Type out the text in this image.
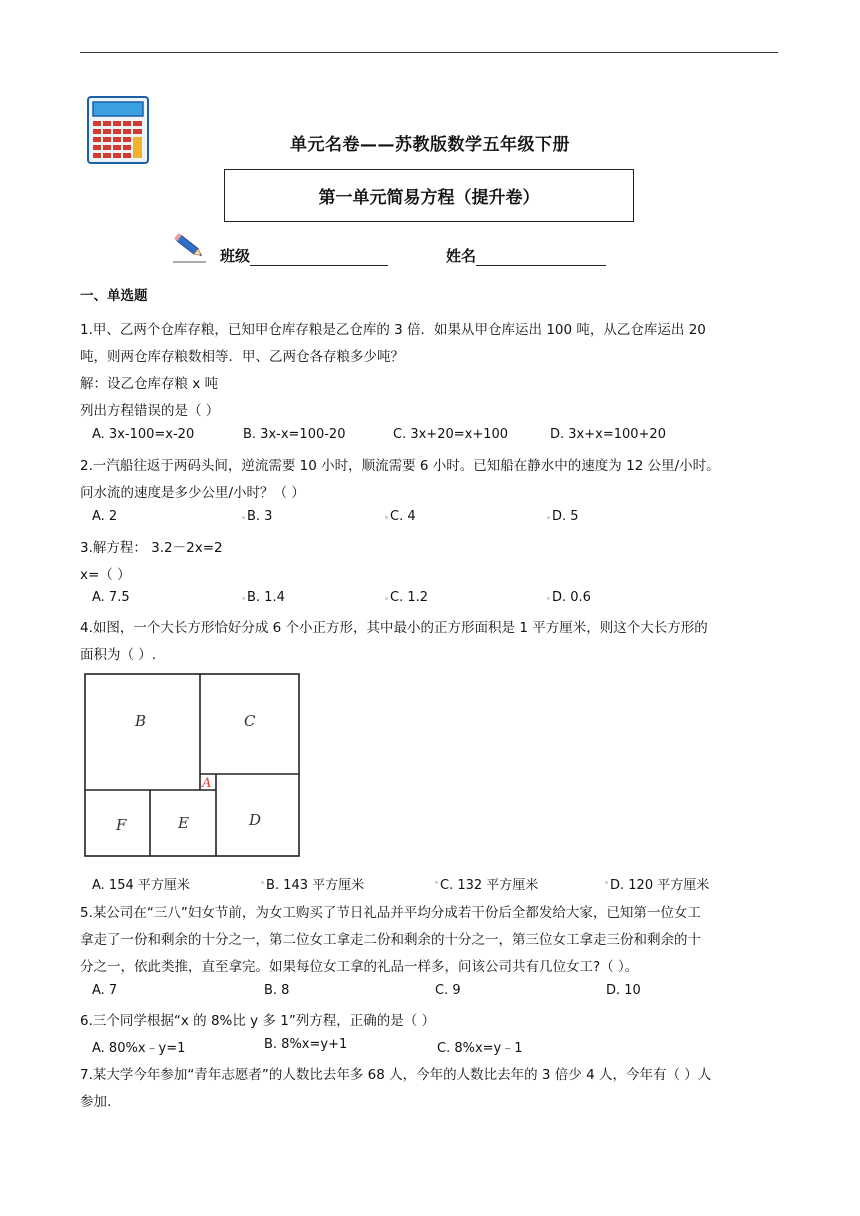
单元名卷——苏教版数学五年级下册
第一单元简易方程（提升卷）
班级	姓名
一、单选题
1.甲、乙两个仓库存粮，已知甲仓库存粮是乙仓库的 3 倍．如果从甲仓库运出 100 吨，从乙仓库运出 20
吨，则两仓库存粮数相等．甲、乙两仓各存粮多少吨？
解：设乙仓库存粮 x 吨
列出方程错误的是（ ）
A. 3x-100=x-20	B. 3x-x=100-20	C. 3x+20=x+100	D. 3x+x=100+20
2.一汽船往返于两码头间，逆流需要 10 小时，顺流需要 6 小时。已知船在静水中的速度为 12 公里/小时。
问水流的速度是多少公里/小时？（ ）
A. 2	B. 3	C. 4	D. 5
3.解方程： 3.2－2x=2
x=（ ）
A. 7.5	B. 1.4	C. 1.2	D. 0.6
4.如图，一个大长方形恰好分成 6 个小正方形，其中最小的正方形面积是 1 平方厘米，则这个大长方形的
面积为（ ）.
B	C
A
D
F	E
A. 154 平方厘米	B. 143 平方厘米	C. 132 平方厘米	D. 120 平方厘米
5.某公司在“三八”妇女节前，为女工购买了节日礼品并平均分成若干份后全都发给大家，已知第一位女工
拿走了一份和剩余的十分之一，第二位女工拿走二份和剩余的十分之一，第三位女工拿走三份和剩余的十
分之一，依此类推，直至拿完。如果每位女工拿的礼品一样多，问该公司共有几位女工?（ ）。
A. 7	B. 8	C. 9	D. 10
6.三个同学根据“x 的 8%比 y 多 1”列方程，正确的是（ ）
A. 80%x﹣y=1	B. 8%x=y+1	C. 8%x=y﹣1
7.某大学今年参加“青年志愿者”的人数比去年多 68 人，今年的人数比去年的 3 倍少 4 人，今年有（ ）人
参加.
